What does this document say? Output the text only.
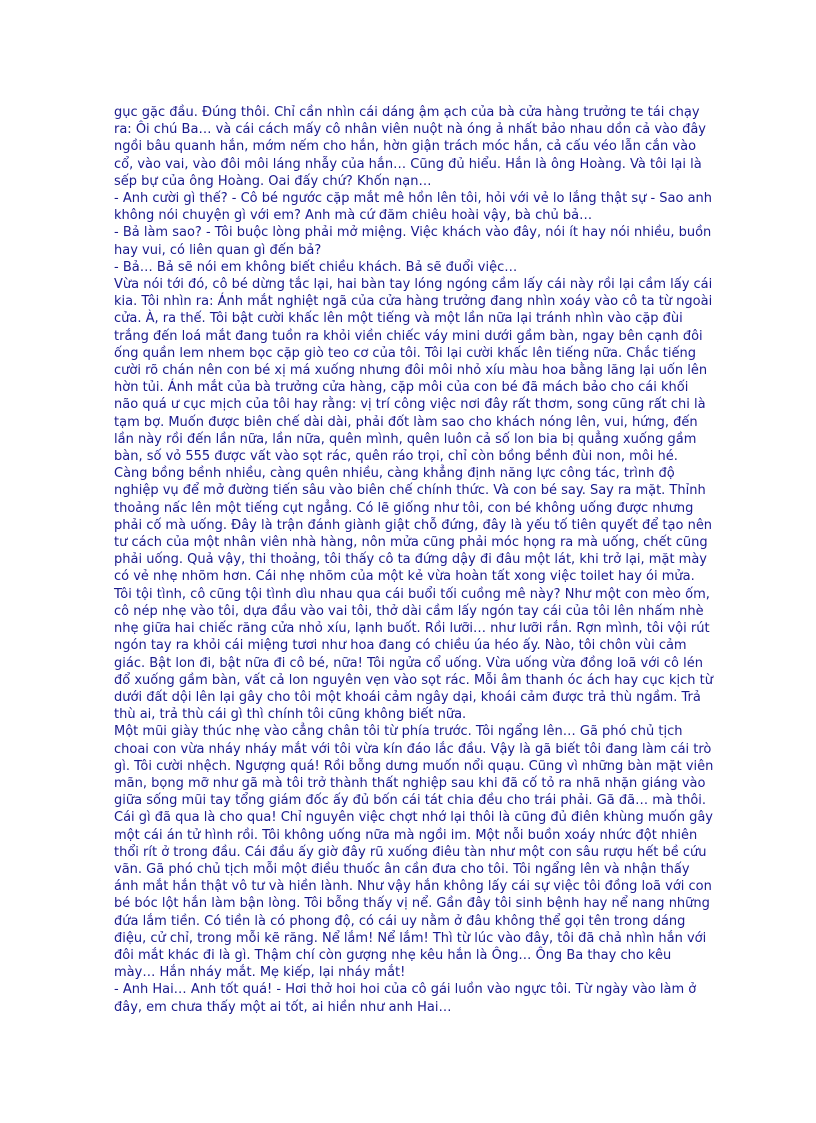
gục gặc đầu. Đúng thôi. Chỉ cần nhìn cái dáng ậm ạch của bà cửa hàng trưởng te tái chạy ra: Ôi chú Ba… và cái cách mấy cô nhân viên nuột nà óng ả nhất bảo nhau dồn cả vào đây ngồi bâu quanh hắn, mớm nếm cho hắn, hờn giận trách móc hắn, cả cấu véo lẫn cắn vào cổ, vào vai, vào đôi môi láng nhẫy của hắn… Cũng đủ hiểu. Hắn là ông Hoàng. Và tôi lại là sếp bự của ông Hoàng. Oai đấy chứ? Khốn nạn…

- Anh cười gì thế? - Cô bé ngước cặp mắt mê hồn lên tôi, hỏi với vẻ lo lắng thật sự - Sao anh không nói chuyện gì với em? Anh mà cứ đăm chiêu hoài vậy, bà chủ bả…

- Bả làm sao? - Tôi buộc lòng phải mở miệng. Việc khách vào đây, nói ít hay nói nhiều, buồn hay vui, có liên quan gì đến bả?

- Bả… Bả sẽ nói em không biết chiều khách. Bả sẽ đuổi việc…

Vừa nói tới đó, cô bé dừng tắc lại, hai bàn tay lóng ngóng cầm lấy cái này rồi lại cầm lấy cái kia. Tôi nhìn ra: Ánh mắt nghiệt ngã của cửa hàng trưởng đang nhìn xoáy vào cô ta từ ngoài cửa. À, ra thế. Tôi bật cười khấc lên một tiếng và một lần nữa lại tránh nhìn vào cặp đùi trắng đến loá mắt đang tuồn ra khỏi viền chiếc váy mini dưới gầm bàn, ngay bên cạnh đôi ống quần lem nhem bọc cặp giò teo cơ của tôi. Tôi lại cười khấc lên tiếng nữa. Chắc tiếng cười rõ chán nên con bé xị má xuống nhưng đôi môi nhỏ xíu màu hoa bằng lăng lại uốn lên hờn tủi. Ánh mắt của bà trưởng cửa hàng, cặp môi của con bé đã mách bảo cho cái khối não quá ư cục mịch của tôi hay rằng: vị trí công việc nơi đây rất thơm, song cũng rất chi là tạm bợ. Muốn được biên chế dài dài, phải đốt làm sao cho khách nóng lên, vui, hứng, đến lần này rồi đến lần nữa, lần nữa, quên mình, quên luôn cả số lon bia bị quẳng xuống gầm bàn, số vỏ 555 được vất vào sọt rác, quên ráo trọi, chỉ còn bồng bềnh đùi non, môi hé. Càng bồng bềnh nhiều, càng quên nhiều, càng khẳng định năng lực công tác, trình độ nghiệp vụ để mở đường tiến sâu vào biên chế chính thức. Và con bé say. Say ra mặt. Thỉnh thoảng nấc lên một tiếng cụt ngẳng. Có lẽ giống như tôi, con bé không uống được nhưng phải cố mà uống. Đây là trận đánh giành giật chỗ đứng, đây là yếu tố tiên quyết để tạo nên tư cách của một nhân viên nhà hàng, nôn mửa cũng phải móc họng ra mà uống, chết cũng phải uống. Quả vậy, thi thoảng, tôi thấy cô ta đứng dậy đi đâu một lát, khi trở lại, mặt mày có vẻ nhẹ nhõm hơn. Cái nhẹ nhõm của một kẻ vừa hoàn tất xong việc toilet hay ói mửa. Tôi tội tình, cô cũng tội tình dìu nhau qua cái buổi tối cuồng mê này? Như một con mèo ốm, cô nép nhẹ vào tôi, dựa đầu vào vai tôi, thở dài cầm lấy ngón tay cái của tôi lên nhấm nhè nhẹ giữa hai chiếc răng cửa nhỏ xíu, lạnh buốt. Rồi lưỡi… như lưỡi rắn. Rợn mình, tôi vội rút ngón tay ra khỏi cái miệng tươi như hoa đang có chiều úa héo ấy. Nào, tôi chôn vùi cảm giác. Bật lon đi, bật nữa đi cô bé, nữa! Tôi ngửa cổ uống. Vừa uống vừa đồng loã với cô lén đổ xuống gầm bàn, vất cả lon nguyên vẹn vào sọt rác. Mỗi âm thanh óc ách hay cục kịch từ dưới đất dội lên lại gây cho tôi một khoái cảm ngây dại, khoái cảm được trả thù ngầm. Trả thù ai, trả thù cái gì thì chính tôi cũng không biết nữa.

Một mũi giày thúc nhẹ vào cẳng chân tôi từ phía trước. Tôi ngẩng lên… Gã phó chủ tịch choai con vừa nháy nháy mắt với tôi vừa kín đáo lắc đầu. Vậy là gã biết tôi đang làm cái trò gì. Tôi cười nhệch. Ngượng quá! Rồi bỗng dưng muốn nổi quạu. Cũng vì những bàn mặt viên mãn, bọng mỡ như gã mà tôi trở thành thất nghiệp sau khi đã cố tỏ ra nhã nhặn giáng vào giữa sống mũi tay tổng giám đốc ấy đủ bốn cái tát chia đều cho trái phải. Gã đã… mà thôi. Cái gì đã qua là cho qua! Chỉ nguyên việc chợt nhớ lại thôi là cũng đủ điên khùng muốn gây một cái án tử hình rồi. Tôi không uống nữa mà ngồi im. Một nỗi buồn xoáy nhức đột nhiên thổi rít ở trong đầu. Cái đầu ấy giờ đây rũ xuống điêu tàn như một con sâu rượu hết bề cứu vãn. Gã phó chủ tịch mỗi một điều thuốc ân cần đưa cho tôi. Tôi ngẩng lên và nhận thấy ánh mắt hắn thật vô tư và hiền lành. Như vậy hắn không lấy cái sự việc tôi đồng loã với con bé bóc lột hắn làm bận lòng. Tôi bỗng thấy vị nể. Gần đây tôi sinh bệnh hay nể nang những đứa lắm tiền. Có tiền là có phong độ, có cái uy nằm ở đâu không thể gọi tên trong dáng điệu, cử chỉ, trong mỗi kẽ răng. Nể lắm! Nể lắm! Thì từ lúc vào đây, tôi đã chả nhìn hắn với đôi mắt khác đi là gì. Thậm chí còn gượng nhẹ kêu hắn là Ông… Ông Ba thay cho kêu mày… Hắn nháy mắt. Mẹ kiếp, lại nháy mắt!

- Anh Hai… Anh tốt quá! - Hơi thở hoi hoi của cô gái luồn vào ngực tôi. Từ ngày vào làm ở đây, em chưa thấy một ai tốt, ai hiền như anh Hai…
